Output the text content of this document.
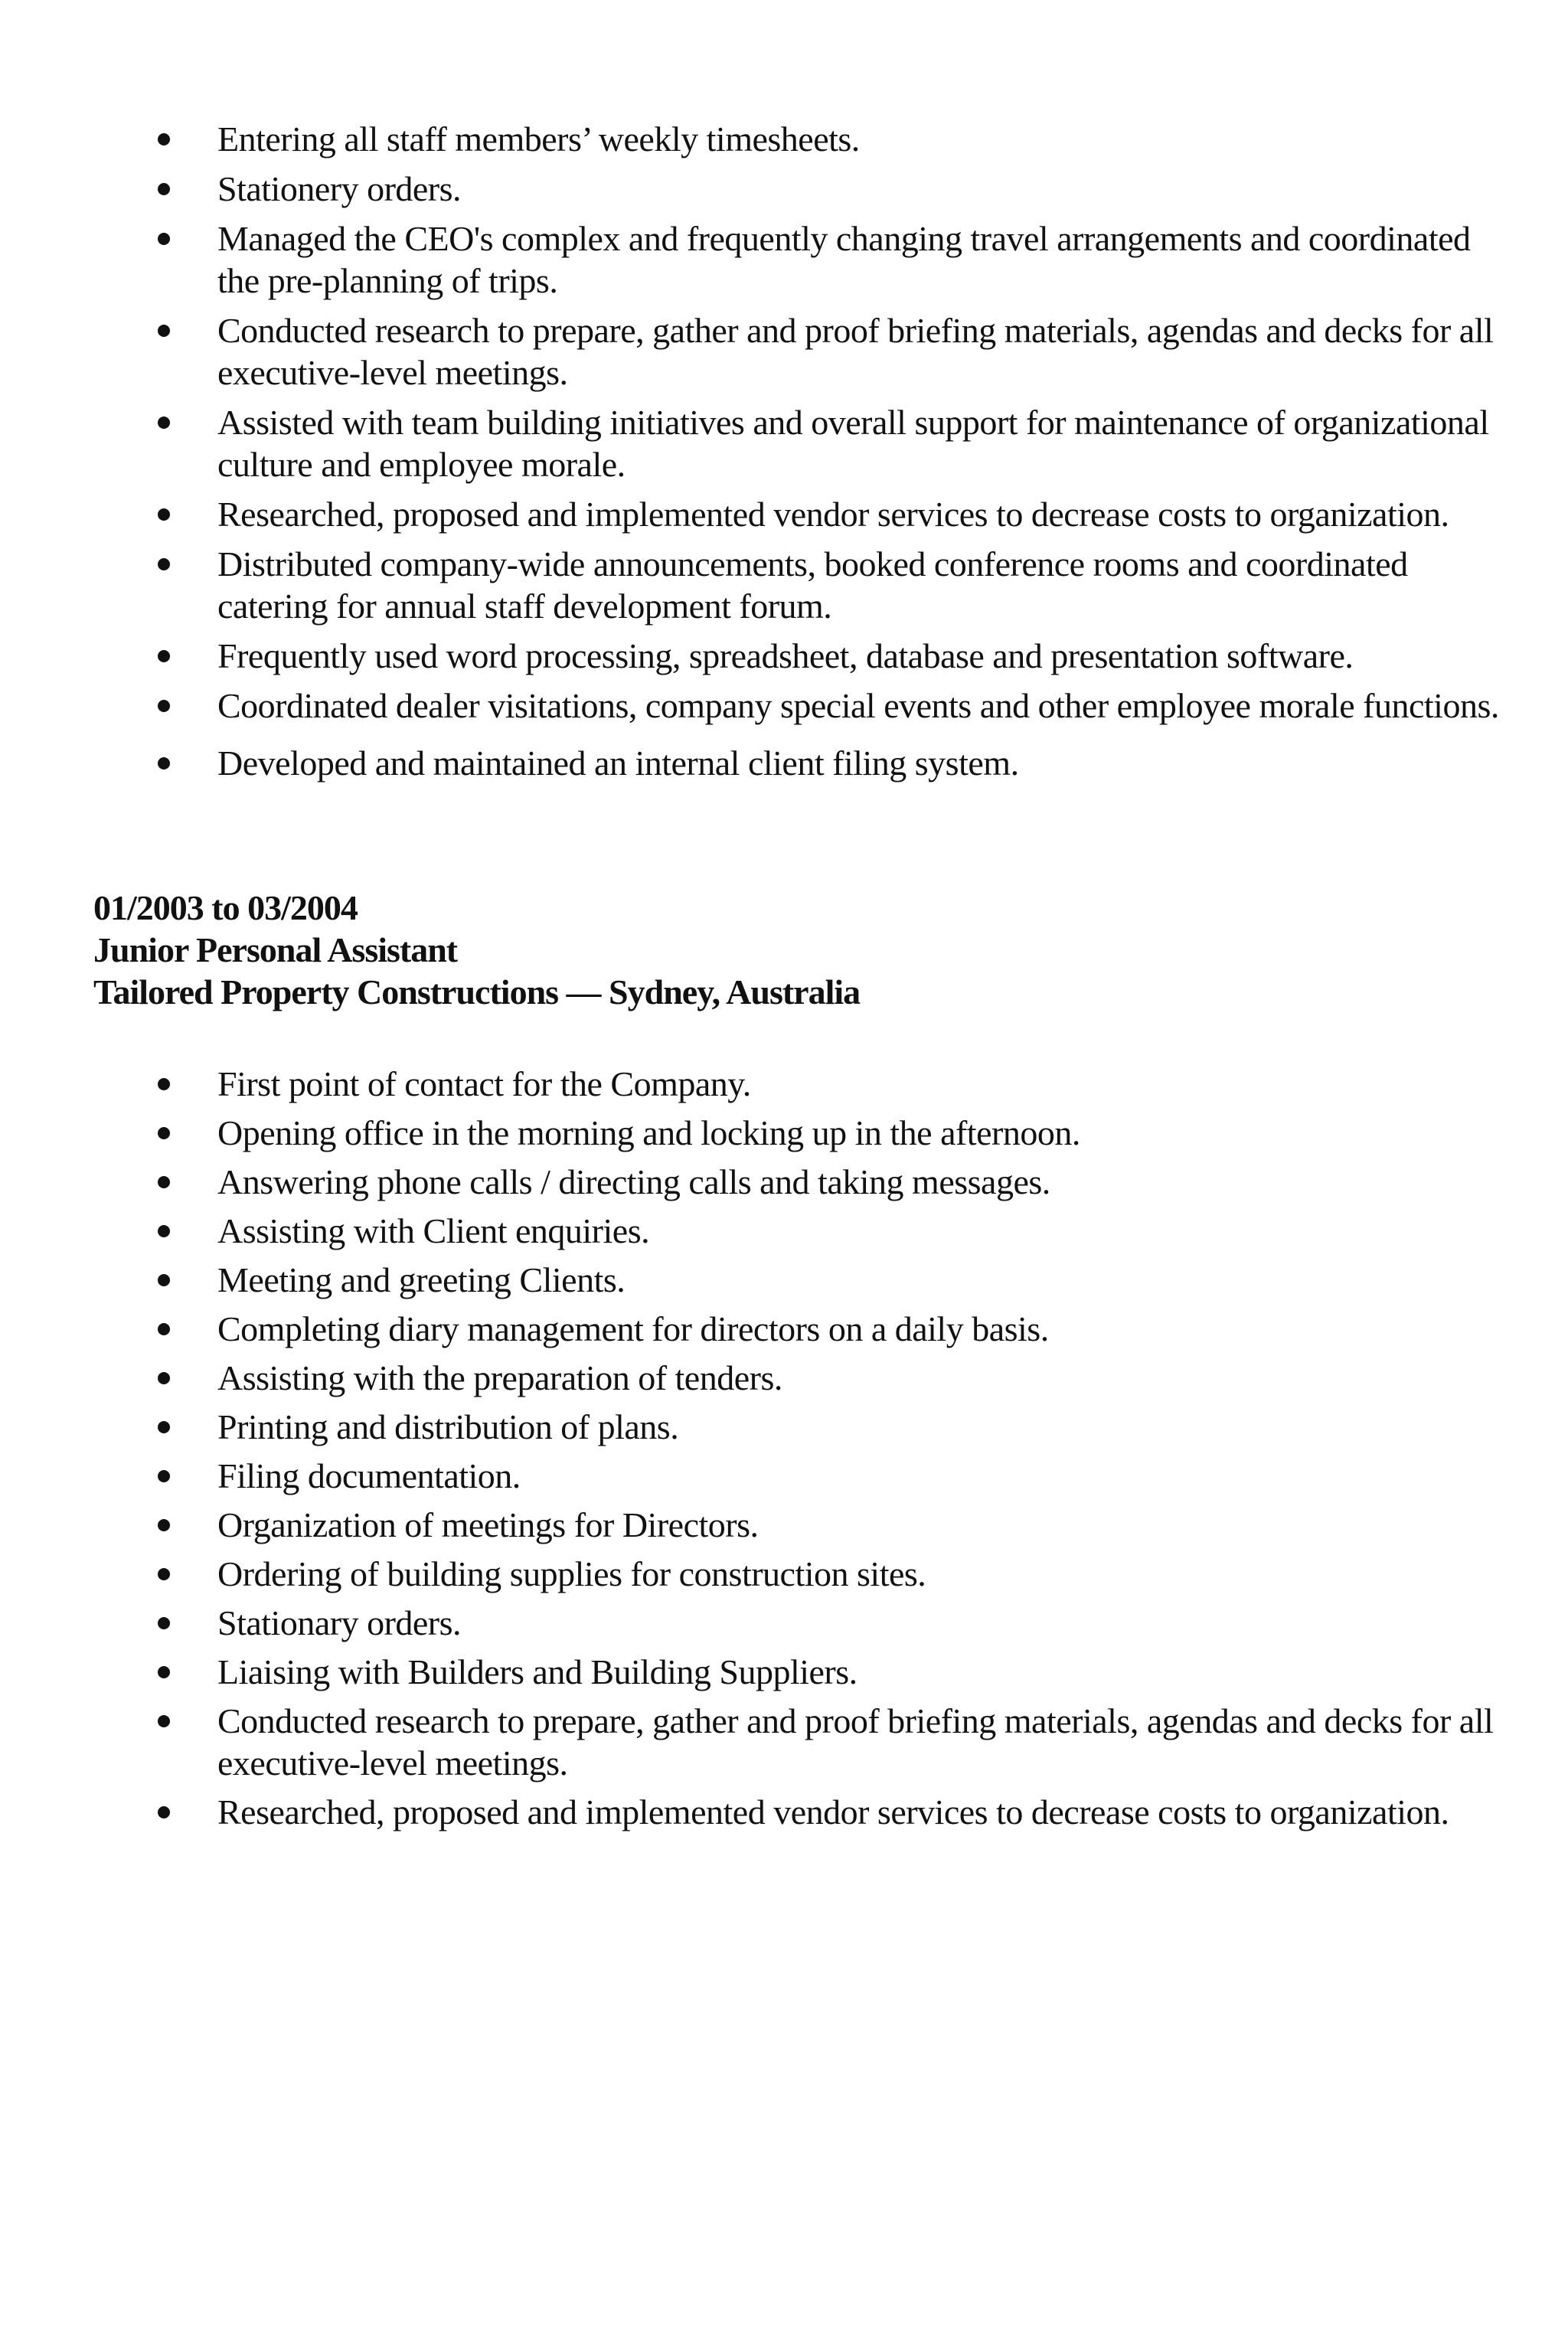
Entering all staff members’ weekly timesheets.
Stationery orders.
Managed the CEO's complex and frequently changing travel arrangements and coordinated the pre-planning of trips.
Conducted research to prepare, gather and proof briefing materials, agendas and decks for all executive-level meetings.
Assisted with team building initiatives and overall support for maintenance of organizational culture and employee morale.
Researched, proposed and implemented vendor services to decrease costs to organization.
Distributed company-wide announcements, booked conference rooms and coordinated catering for annual staff development forum.
Frequently used word processing, spreadsheet, database and presentation software.
Coordinated dealer visitations, company special events and other employee morale functions.
Developed and maintained an internal client filing system.
01/2003 to 03/2004
Junior Personal Assistant
Tailored Property Constructions — Sydney, Australia
First point of contact for the Company.
Opening office in the morning and locking up in the afternoon.
Answering phone calls / directing calls and taking messages.
Assisting with Client enquiries.
Meeting and greeting Clients.
Completing diary management for directors on a daily basis.
Assisting with the preparation of tenders.
Printing and distribution of plans.
Filing documentation.
Organization of meetings for Directors.
Ordering of building supplies for construction sites.
Stationary orders.
Liaising with Builders and Building Suppliers.
Conducted research to prepare, gather and proof briefing materials, agendas and decks for all executive-level meetings.
Researched, proposed and implemented vendor services to decrease costs to organization.
